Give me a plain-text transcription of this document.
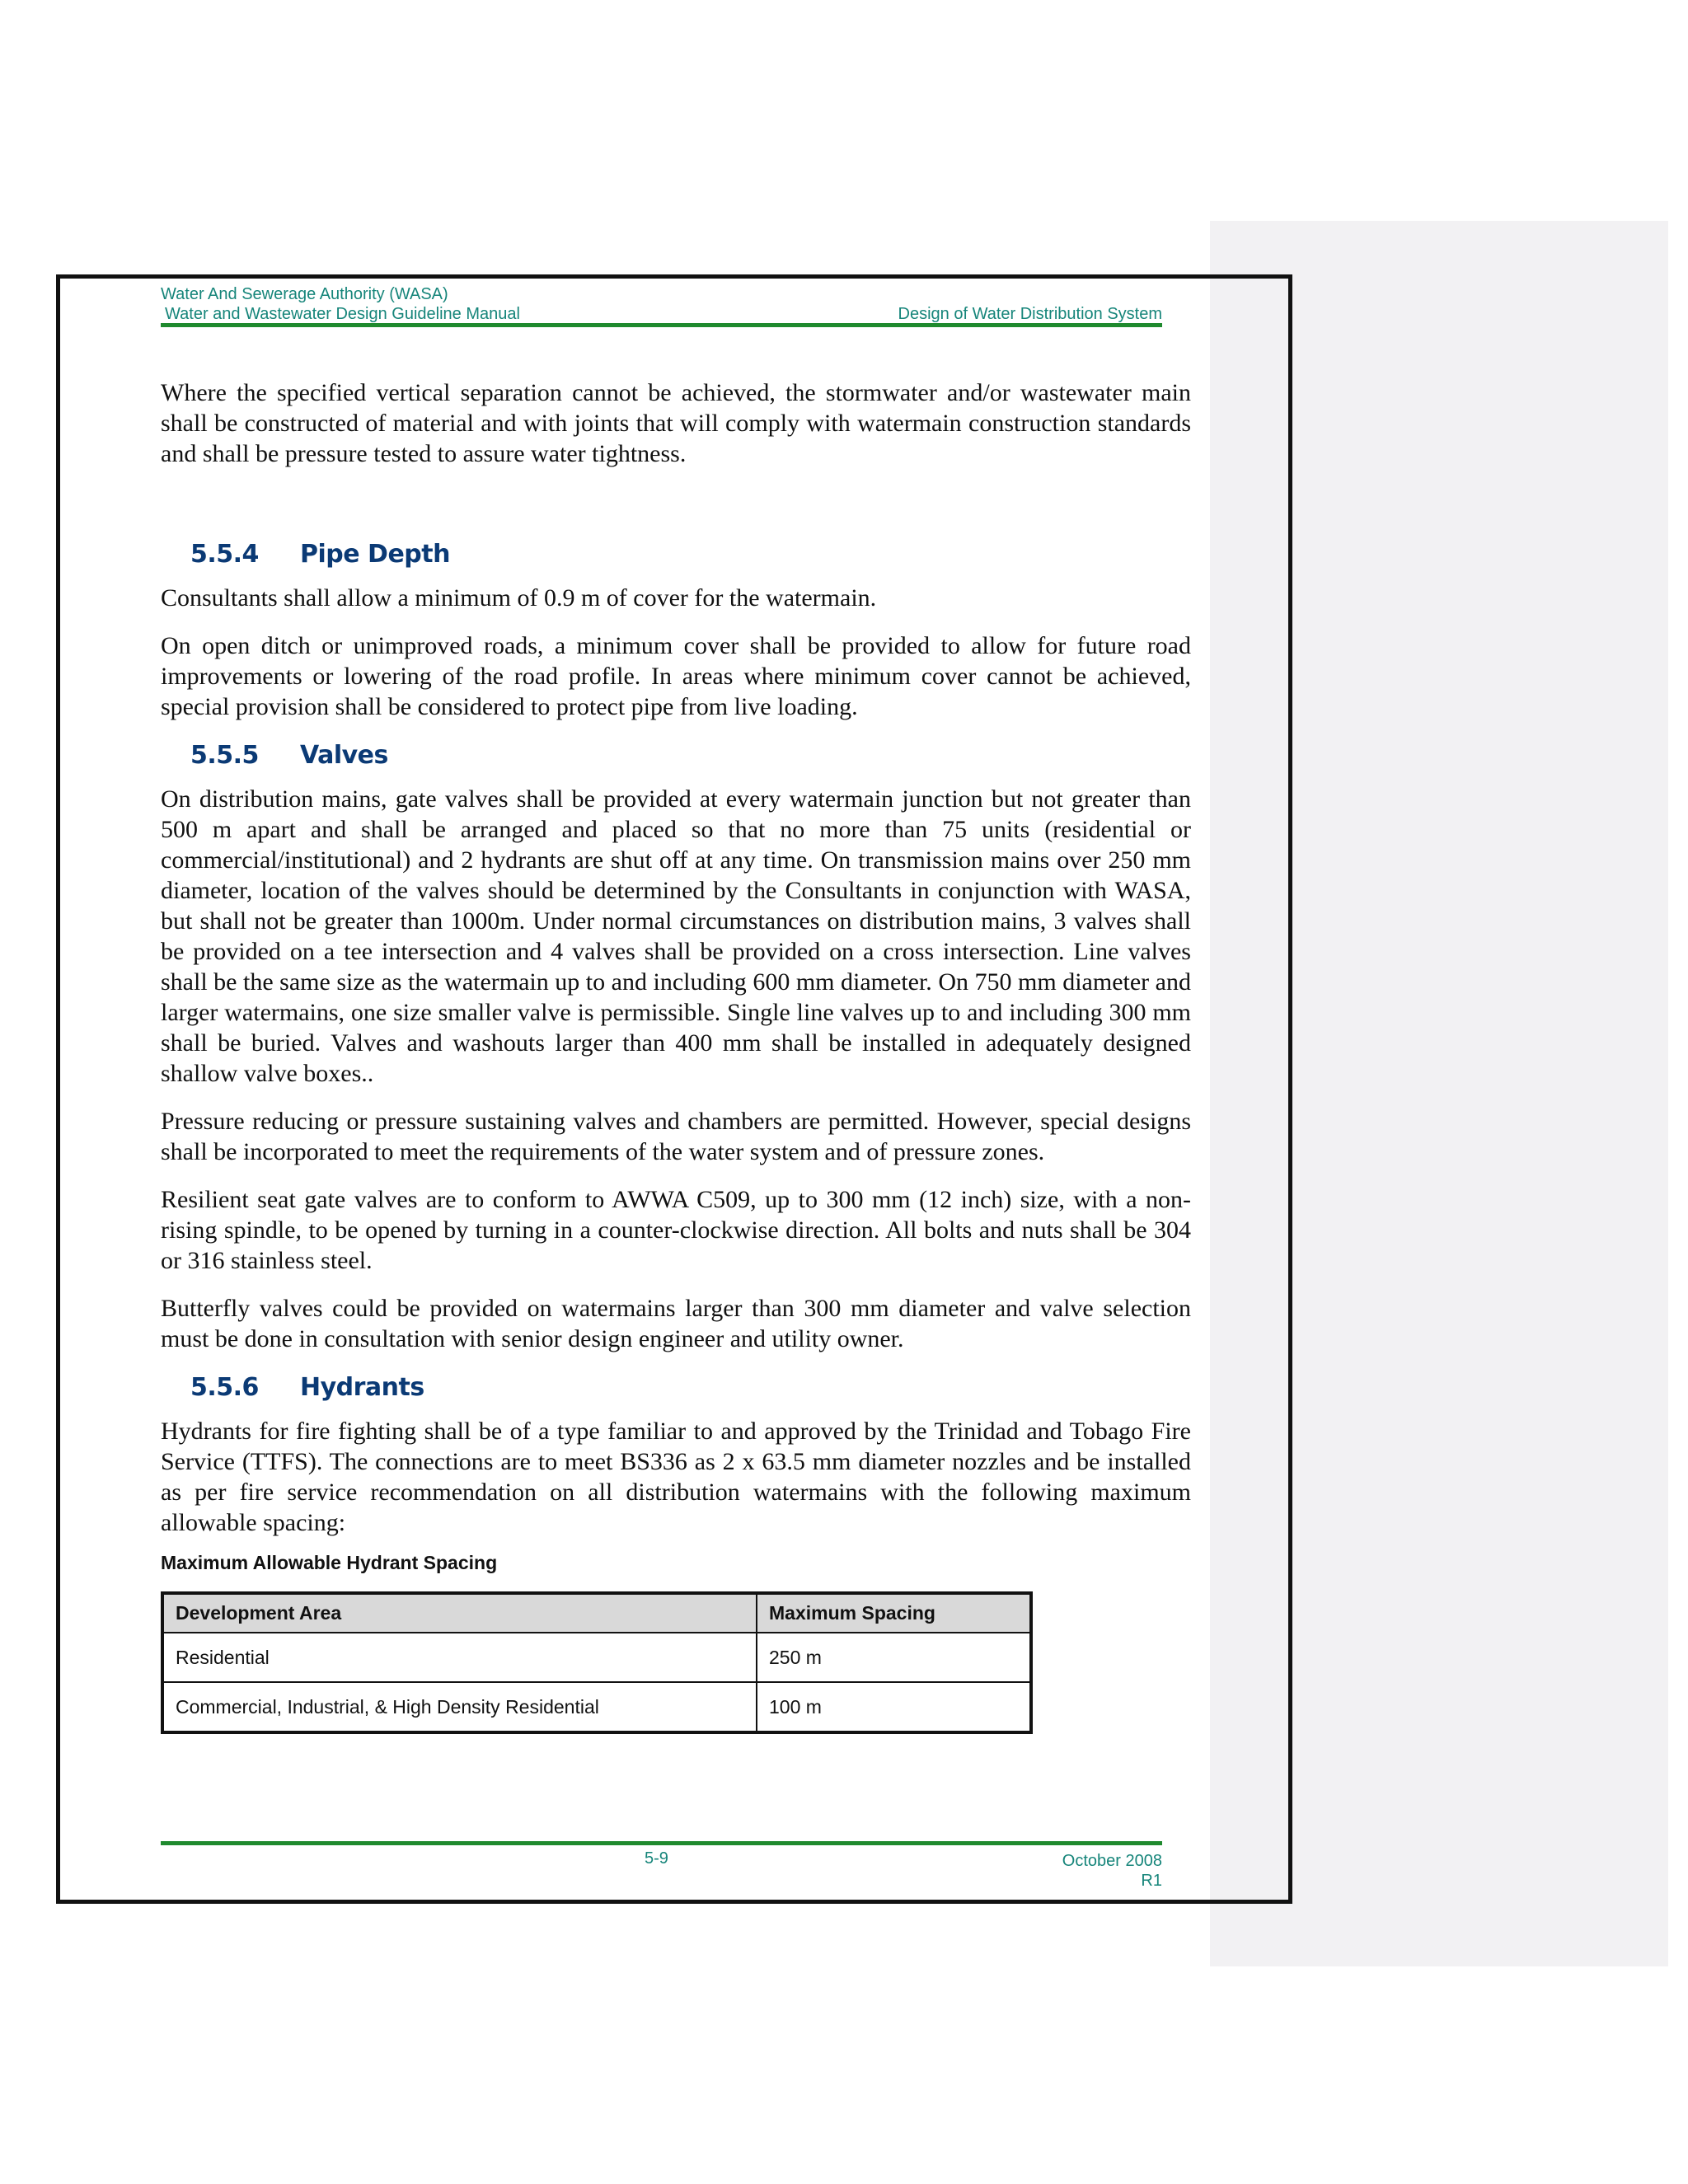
Water And Sewerage Authority (WASA)
Water and Wastewater Design Guideline Manual	Design of Water Distribution System

Where the specified vertical separation cannot be achieved, the stormwater and/or wastewater main shall be constructed of material and with joints that will comply with watermain construction standards and shall be pressure tested to assure water tightness.

5.5.4 Pipe Depth

Consultants shall allow a minimum of 0.9 m of cover for the watermain.

On open ditch or unimproved roads, a minimum cover shall be provided to allow for future road improvements or lowering of the road profile. In areas where minimum cover cannot be achieved, special provision shall be considered to protect pipe from live loading.

5.5.5 Valves

On distribution mains, gate valves shall be provided at every watermain junction but not greater than 500 m apart and shall be arranged and placed so that no more than 75 units (residential or commercial/institutional) and 2 hydrants are shut off at any time. On transmission mains over 250 mm diameter, location of the valves should be determined by the Consultants in conjunction with WASA, but shall not be greater than 1000m. Under normal circumstances on distribution mains, 3 valves shall be provided on a tee intersection and 4 valves shall be provided on a cross intersection. Line valves shall be the same size as the watermain up to and including 600 mm diameter. On 750 mm diameter and larger watermains, one size smaller valve is permissible. Single line valves up to and including 300 mm shall be buried. Valves and washouts larger than 400 mm shall be installed in adequately designed shallow valve boxes..

Pressure reducing or pressure sustaining valves and chambers are permitted. However, special designs shall be incorporated to meet the requirements of the water system and of pressure zones.

Resilient seat gate valves are to conform to AWWA C509, up to 300 mm (12 inch) size, with a non-rising spindle, to be opened by turning in a counter-clockwise direction. All bolts and nuts shall be 304 or 316 stainless steel.

Butterfly valves could be provided on watermains larger than 300 mm diameter and valve selection must be done in consultation with senior design engineer and utility owner.

5.5.6 Hydrants

Hydrants for fire fighting shall be of a type familiar to and approved by the Trinidad and Tobago Fire Service (TTFS). The connections are to meet BS336 as 2 x 63.5 mm diameter nozzles and be installed as per fire service recommendation on all distribution watermains with the following maximum allowable spacing:

Maximum Allowable Hydrant Spacing
Development Area	Maximum Spacing
Residential	250 m
Commercial, Industrial, & High Density Residential	100 m
5-9	October 2008
R1
